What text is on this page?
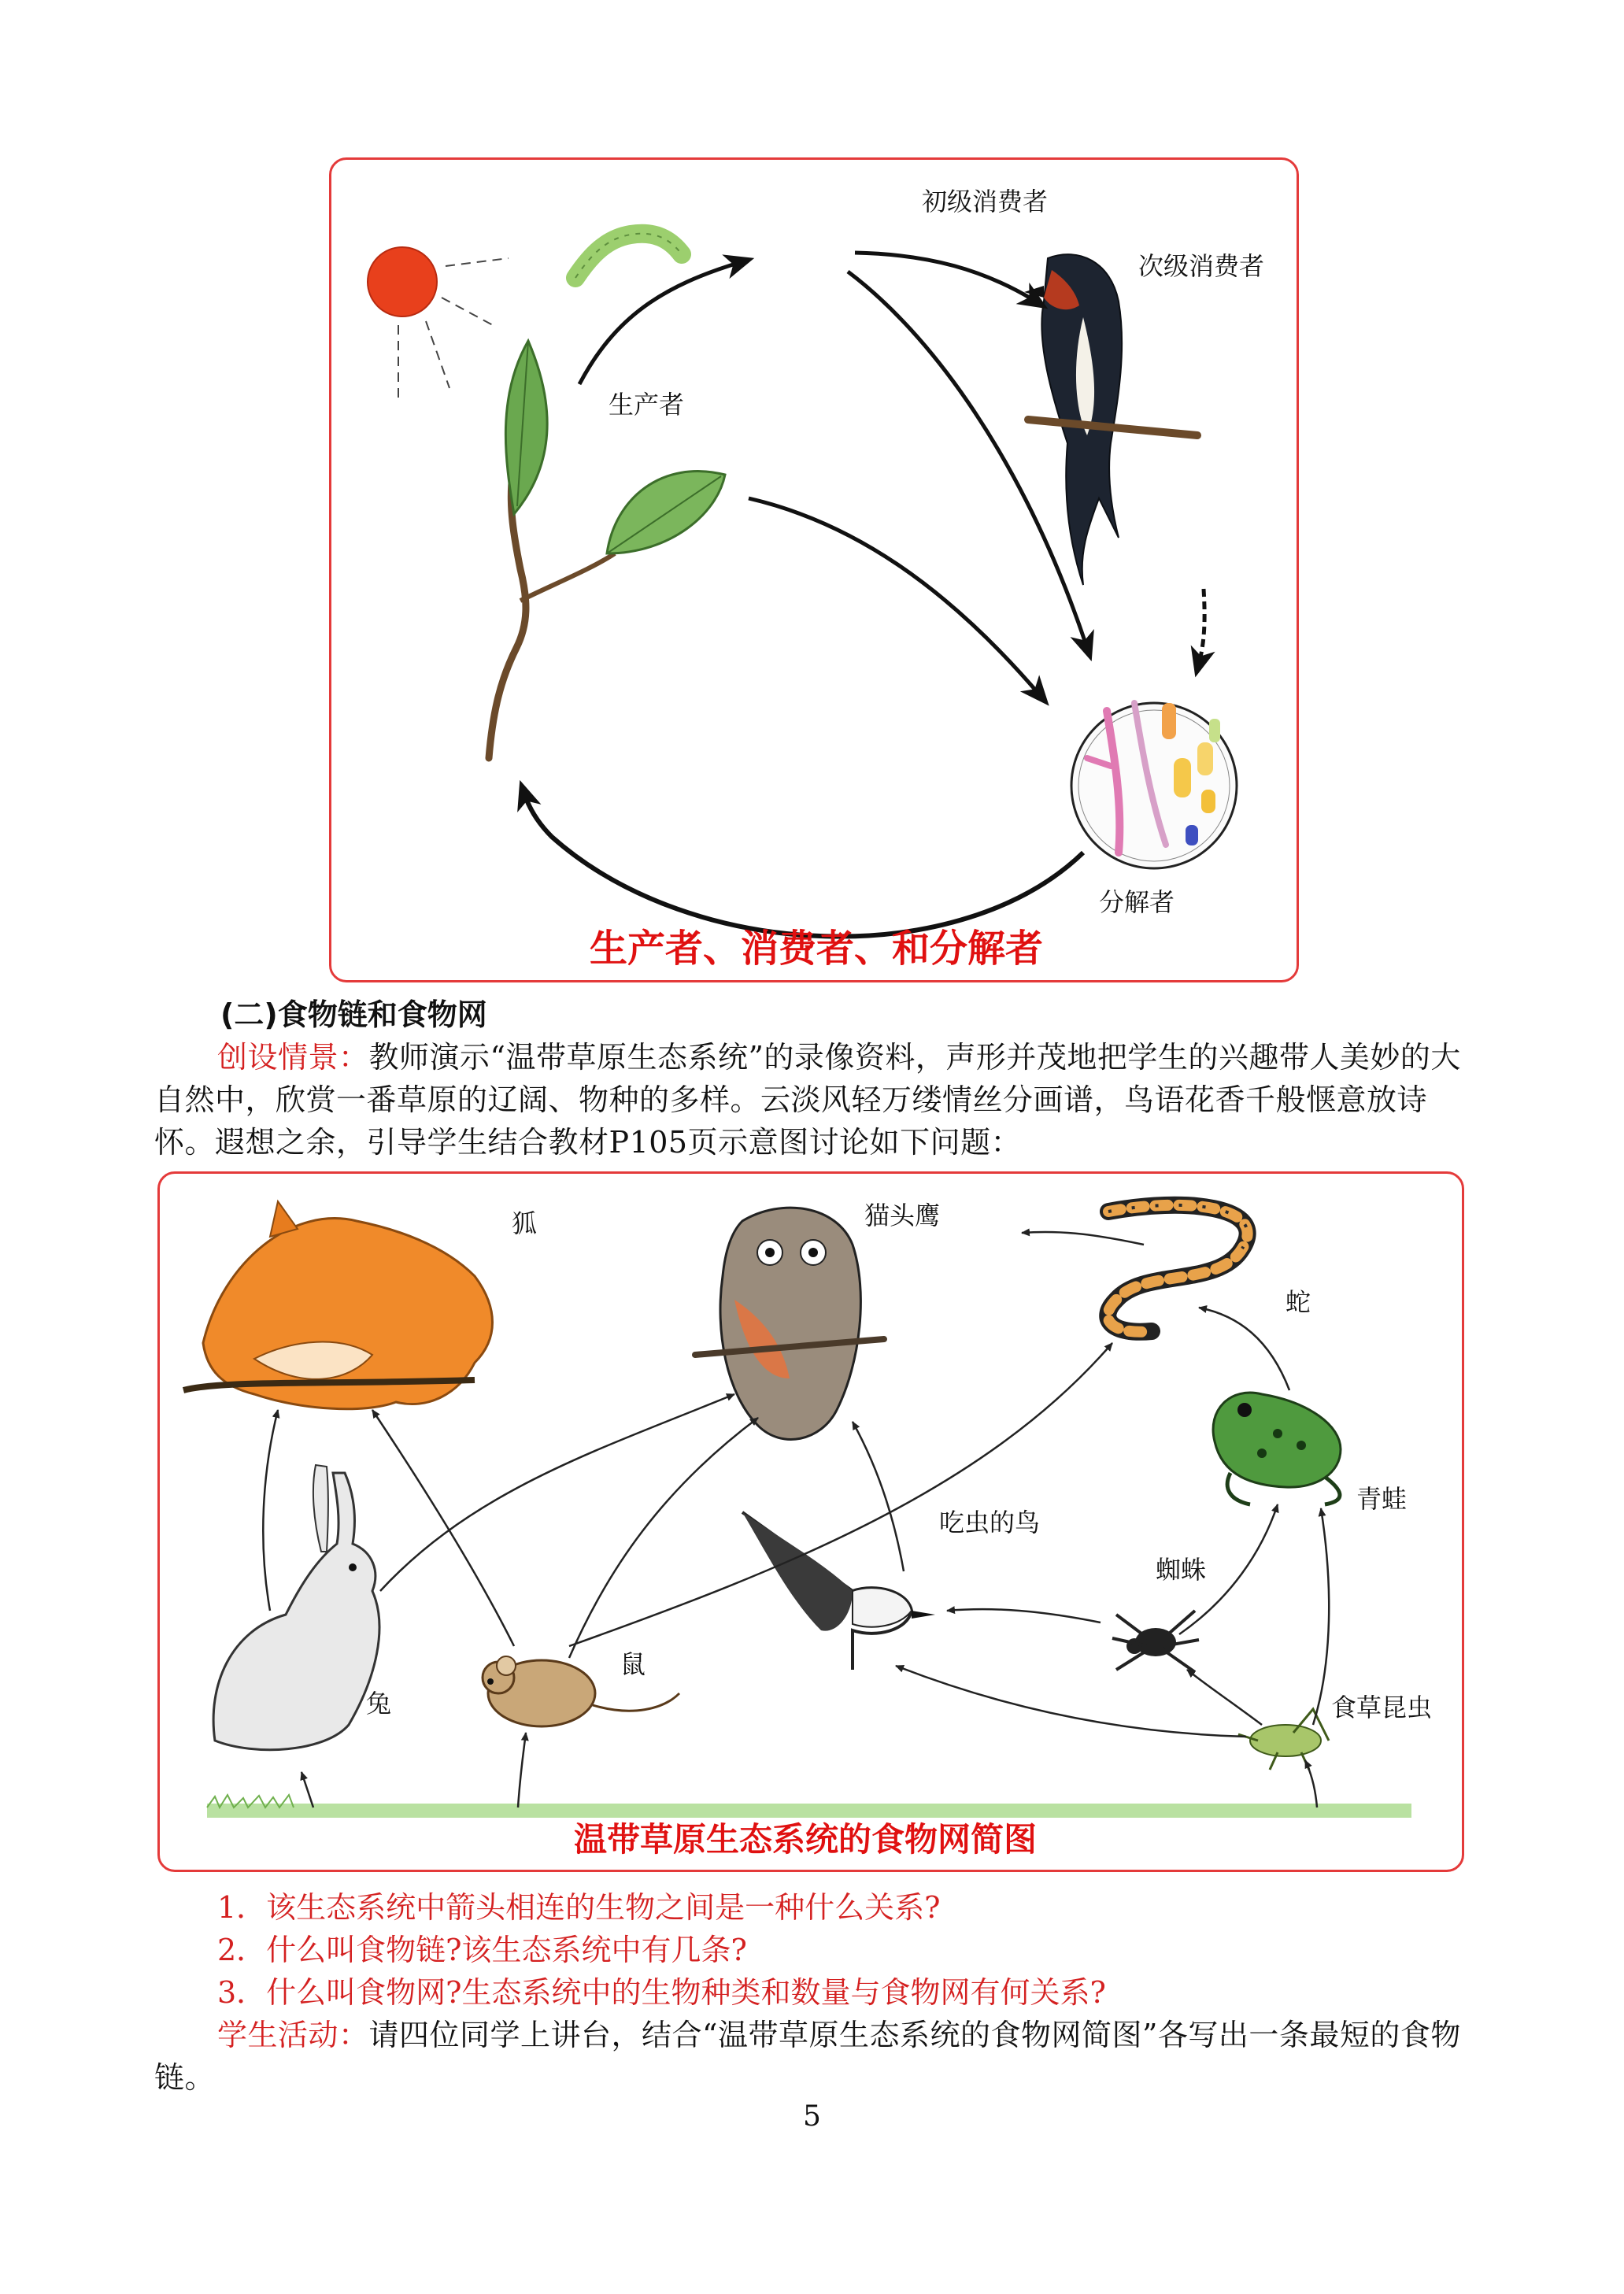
初级消费者
次级消费者
生产者
分解者
生产者、消费者、和分解者
(二)食物链和食物网
创设情景：教师演示“温带草原生态系统”的录像资料，声形并茂地把学生的兴趣带人美妙的大自然中，欣赏一番草原的辽阔、物种的多样。云淡风轻万缕情丝分画谱，鸟语花香千般惬意放诗怀。遐想之余，引导学生结合教材P105页示意图讨论如下问题：
狐	猫头鹰
蛇
青蛙
吃虫的鸟
蜘蛛
兔
鼠
食草昆虫
温带草原生态系统的食物网简图
1．该生态系统中箭头相连的生物之间是一种什么关系?
2．什么叫食物链?该生态系统中有几条?
3．什么叫食物网?生态系统中的生物种类和数量与食物网有何关系?
学生活动：请四位同学上讲台，结合“温带草原生态系统的食物网简图”各写出一条最短的食物链。
5
